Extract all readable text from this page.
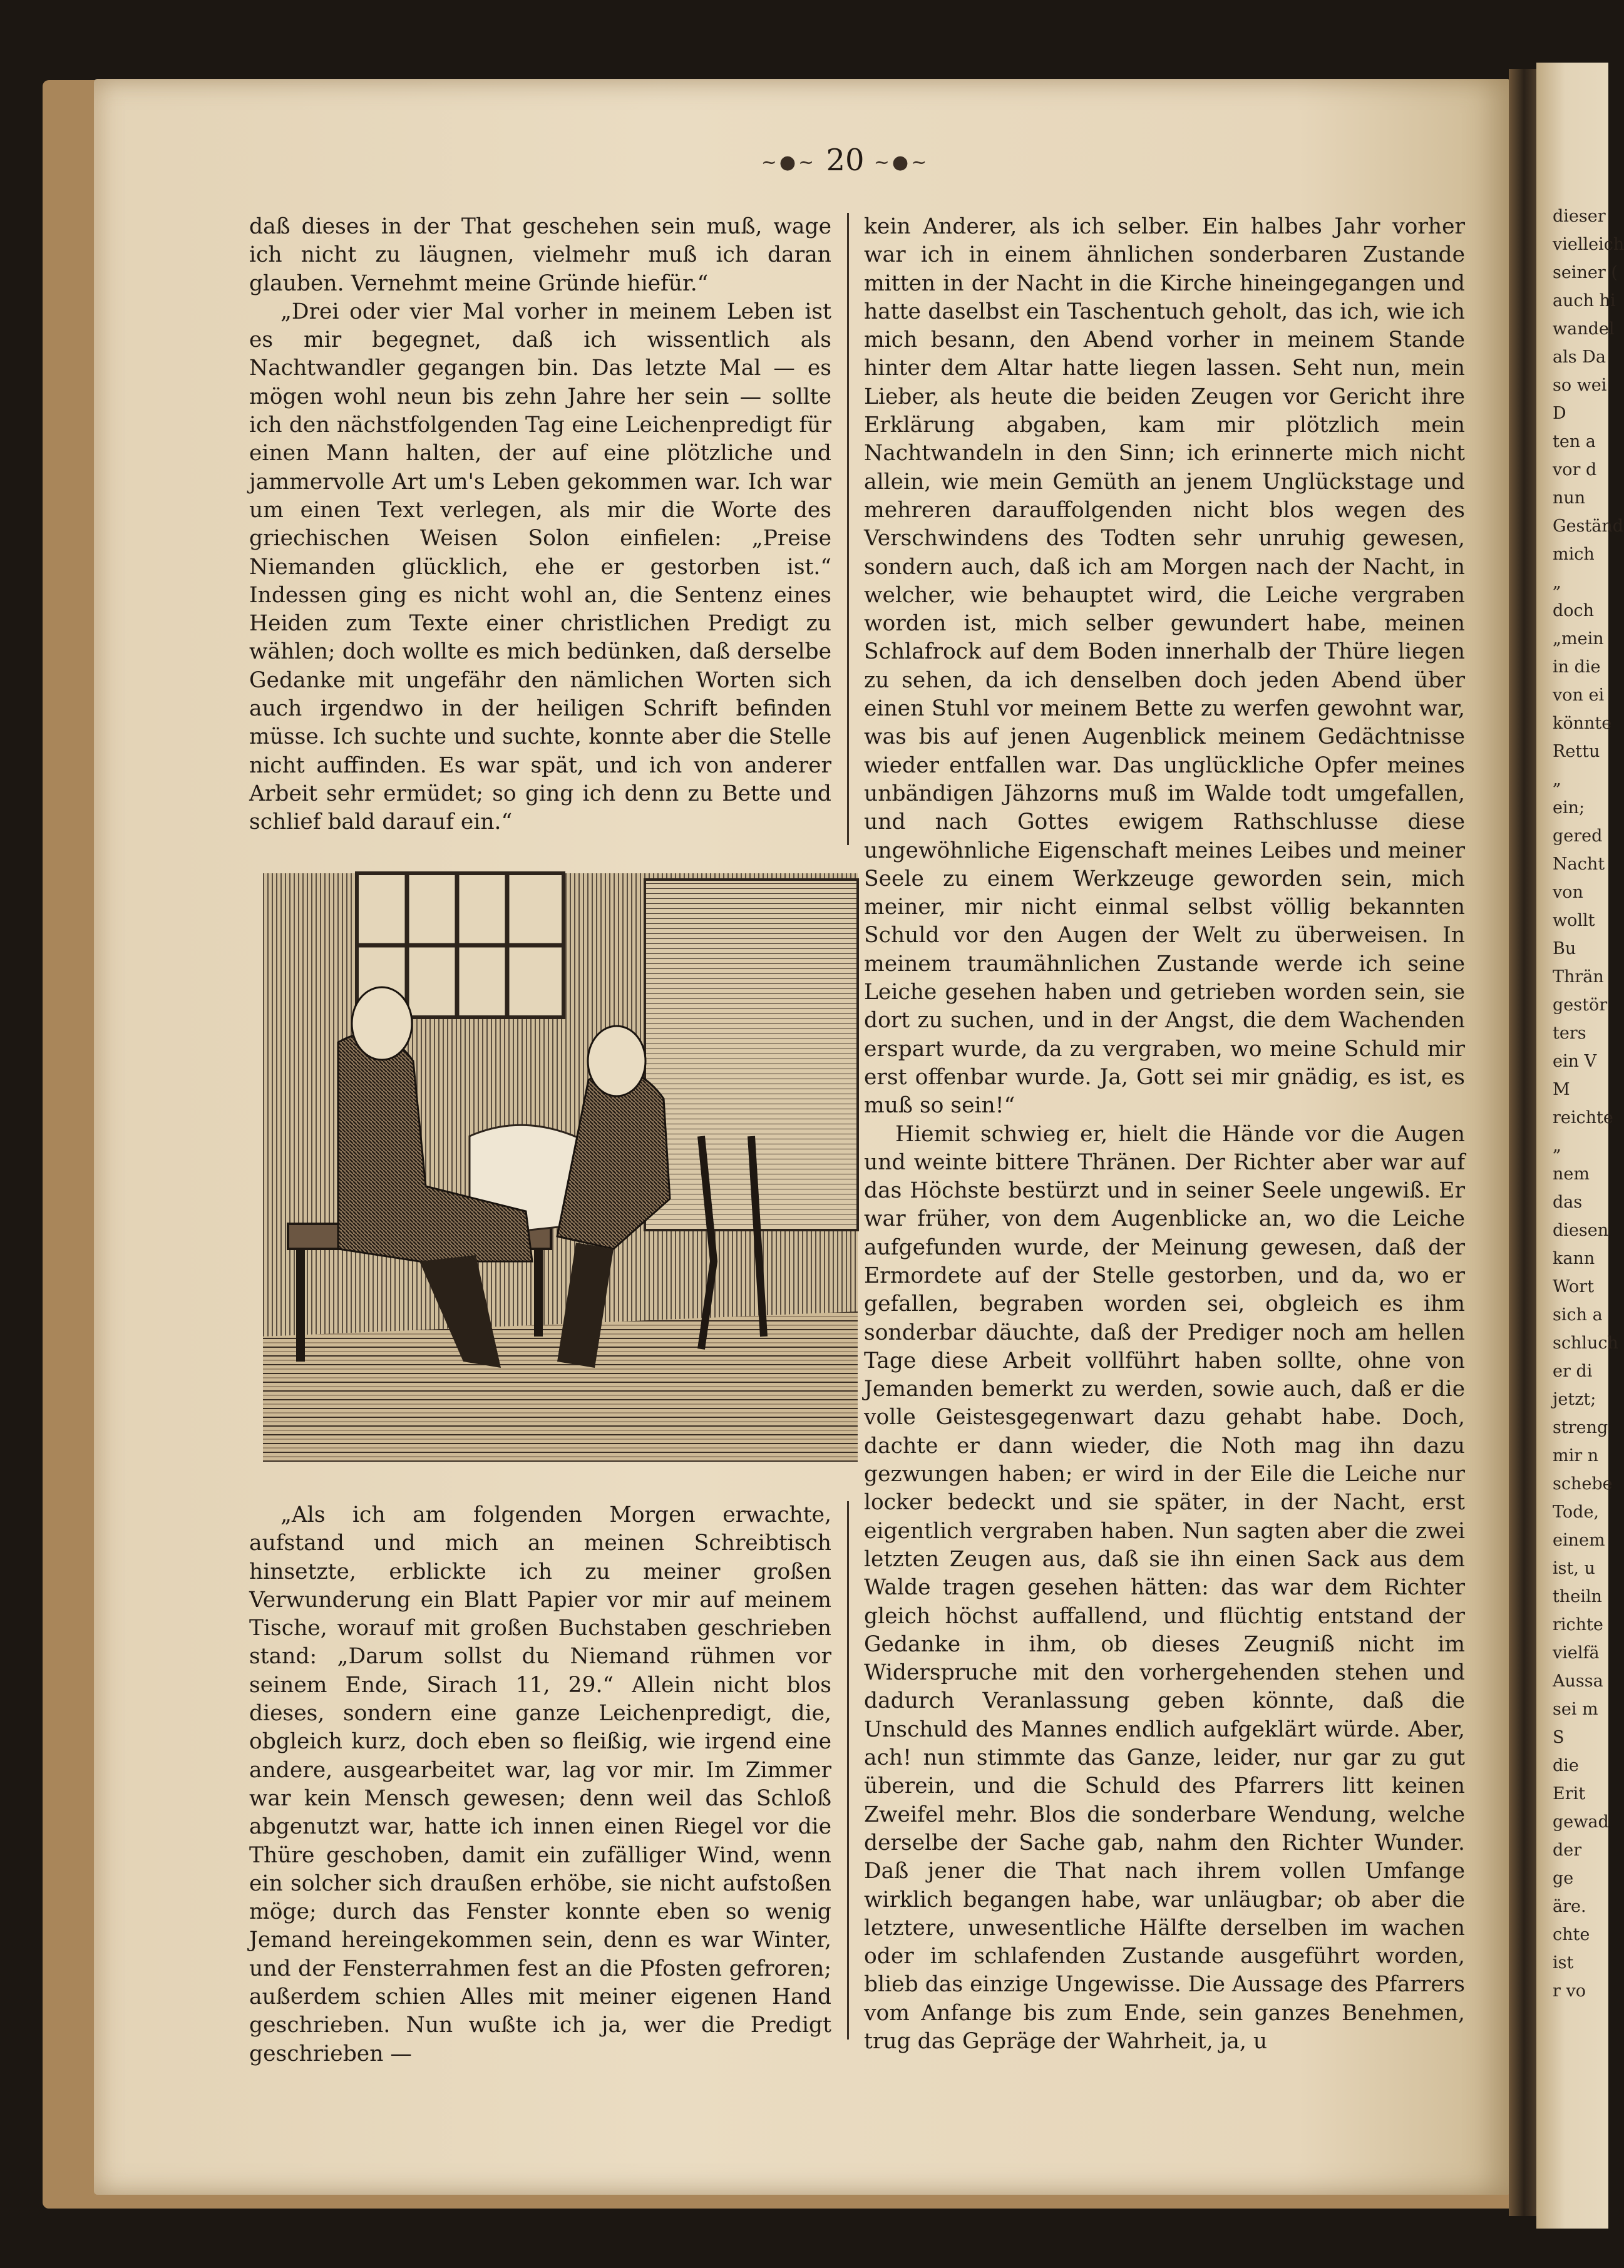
dieser

vielleich

seiner (

auch hi

wandel

als Da

so wei

D

ten a

vor d

nun

Geständ

mich

„

doch

„mein

in die

von ei

könnte

Rettu

„

ein;

gered

Nacht

von

wollt

Bu

Thrän

gestör

ters

ein V

M

reichte

„

nem

das

diesen

kann

Wort

sich a

schluch

er di

jetzt;

streng

mir n

schebe

Tode,

einem

ist, u

theiln

richte

vielfä

Aussa

sei m

S

die

Erit

gewad

der

ge

äre.

chte

ist

r vo

~●~ 20 ~●~

daß dieses in der That geschehen sein muß, wage ich nicht zu läugnen, vielmehr muß ich daran glauben. Vernehmt meine Gründe hiefür.“

„Drei oder vier Mal vorher in meinem Leben ist es mir begegnet, daß ich wissentlich als Nachtwandler gegangen bin. Das letzte Mal — es mögen wohl neun bis zehn Jahre her sein — sollte ich den nächstfolgenden Tag eine Leichenpredigt für einen Mann halten, der auf eine plötzliche und jammervolle Art um's Leben gekommen war. Ich war um einen Text verlegen, als mir die Worte des griechischen Weisen Solon einfielen: „Preise Niemanden glücklich, ehe er gestorben ist.“ Indessen ging es nicht wohl an, die Sentenz eines Heiden zum Texte einer christlichen Predigt zu wählen; doch wollte es mich bedünken, daß derselbe Gedanke mit ungefähr den nämlichen Worten sich auch irgendwo in der heiligen Schrift befinden müsse. Ich suchte und suchte, konnte aber die Stelle nicht auffinden. Es war spät, und ich von anderer Arbeit sehr ermüdet; so ging ich denn zu Bette und schlief bald darauf ein.“

„Als ich am folgenden Morgen erwachte, aufstand und mich an meinen Schreibtisch hinsetzte, erblickte ich zu meiner großen Verwunderung ein Blatt Papier vor mir auf meinem Tische, worauf mit großen Buchstaben geschrieben stand: „Darum sollst du Niemand rühmen vor seinem Ende, Sirach 11, 29.“ Allein nicht blos dieses, sondern eine ganze Leichenpredigt, die, obgleich kurz, doch eben so fleißig, wie irgend eine andere, ausgearbeitet war, lag vor mir. Im Zimmer war kein Mensch gewesen; denn weil das Schloß abgenutzt war, hatte ich innen einen Riegel vor die Thüre geschoben, damit ein zufälliger Wind, wenn ein solcher sich draußen erhöbe, sie nicht aufstoßen möge; durch das Fenster konnte eben so wenig Jemand hereingekommen sein, denn es war Winter, und der Fensterrahmen fest an die Pfosten gefroren; außerdem schien Alles mit meiner eigenen Hand geschrieben. Nun wußte ich ja, wer die Predigt geschrieben —

kein Anderer, als ich selber. Ein halbes Jahr vorher war ich in einem ähnlichen sonderbaren Zustande mitten in der Nacht in die Kirche hineingegangen und hatte daselbst ein Taschentuch geholt, das ich, wie ich mich besann, den Abend vorher in meinem Stande hinter dem Altar hatte liegen lassen. Seht nun, mein Lieber, als heute die beiden Zeugen vor Gericht ihre Erklärung abgaben, kam mir plötzlich mein Nachtwandeln in den Sinn; ich erinnerte mich nicht allein, wie mein Gemüth an jenem Unglückstage und mehreren darauffolgenden nicht blos wegen des Verschwindens des Todten sehr unruhig gewesen, sondern auch, daß ich am Morgen nach der Nacht, in welcher, wie behauptet wird, die Leiche vergraben worden ist, mich selber gewundert habe, meinen Schlafrock auf dem Boden innerhalb der Thüre liegen zu sehen, da ich denselben doch jeden Abend über einen Stuhl vor meinem Bette zu werfen gewohnt war, was bis auf jenen Augenblick meinem Gedächtnisse wieder entfallen war. Das unglückliche Opfer meines unbändigen Jähzorns muß im Walde todt umgefallen, und nach Gottes ewigem Rathschlusse diese ungewöhnliche Eigenschaft meines Leibes und meiner Seele zu einem Werkzeuge geworden sein, mich meiner, mir nicht einmal selbst völlig bekannten Schuld vor den Augen der Welt zu überweisen. In meinem traumähnlichen Zustande werde ich seine Leiche gesehen haben und getrieben worden sein, sie dort zu suchen, und in der Angst, die dem Wachenden erspart wurde, da zu vergraben, wo meine Schuld mir erst offenbar wurde. Ja, Gott sei mir gnädig, es ist, es muß so sein!“

Hiemit schwieg er, hielt die Hände vor die Augen und weinte bittere Thränen. Der Richter aber war auf das Höchste bestürzt und in seiner Seele ungewiß. Er war früher, von dem Augenblicke an, wo die Leiche aufgefunden wurde, der Meinung gewesen, daß der Ermordete auf der Stelle gestorben, und da, wo er gefallen, begraben worden sei, obgleich es ihm sonderbar däuchte, daß der Prediger noch am hellen Tage diese Arbeit vollführt haben sollte, ohne von Jemanden bemerkt zu werden, sowie auch, daß er die volle Geistesgegenwart dazu gehabt habe. Doch, dachte er dann wieder, die Noth mag ihn dazu gezwungen haben; er wird in der Eile die Leiche nur locker bedeckt und sie später, in der Nacht, erst eigentlich vergraben haben. Nun sagten aber die zwei letzten Zeugen aus, daß sie ihn einen Sack aus dem Walde tragen gesehen hätten: das war dem Richter gleich höchst auffallend, und flüchtig entstand der Gedanke in ihm, ob dieses Zeugniß nicht im Widerspruche mit den vorhergehenden stehen und dadurch Veranlassung geben könnte, daß die Unschuld des Mannes endlich aufgeklärt würde. Aber, ach! nun stimmte das Ganze, leider, nur gar zu gut überein, und die Schuld des Pfarrers litt keinen Zweifel mehr. Blos die sonderbare Wendung, welche derselbe der Sache gab, nahm den Richter Wunder. Daß jener die That nach ihrem vollen Umfange wirklich begangen habe, war unläugbar; ob aber die letztere, unwesentliche Hälfte derselben im wachen oder im schlafenden Zustande ausgeführt worden, blieb das einzige Ungewisse. Die Aussage des Pfarrers vom Anfange bis zum Ende, sein ganzes Benehmen, trug das Gepräge der Wahrheit, ja, u
